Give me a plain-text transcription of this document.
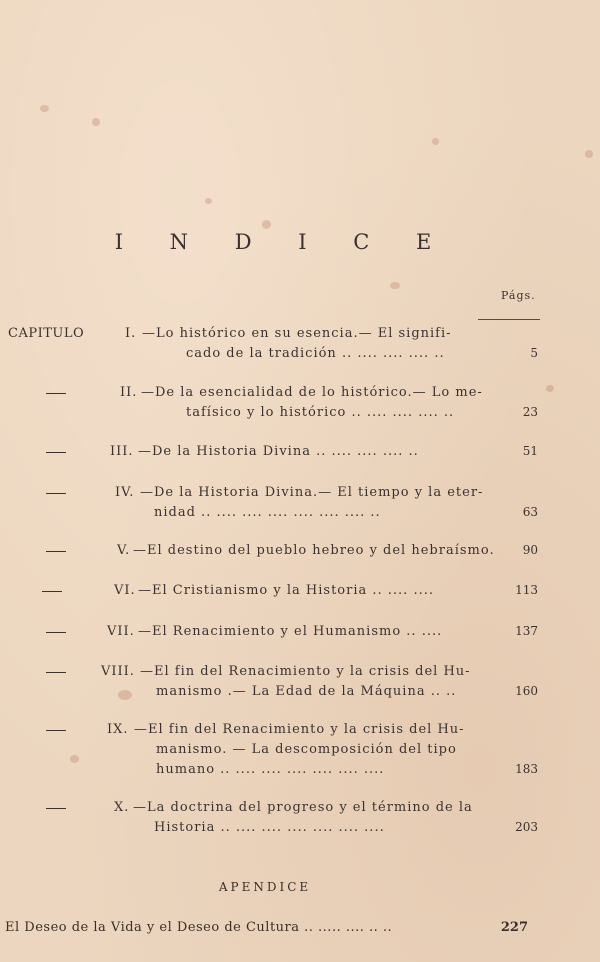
I N D I C E
Págs.
CAPITULO	I. —Lo histórico en su esencia.— El signifi-
cado de la tradición .. .... .... .... ..	5
II. —De la esencialidad de lo histórico.— Lo me-
tafísico y lo histórico .. .... .... .... ..	23
III. —De la Historia Divina .. .... .... .... ..	51
IV. —De la Historia Divina.— El tiempo y la eter-
nidad .. .... .... .... .... .... .... ..	63
V. —El destino del pueblo hebreo y del hebraísmo. 90
VI. —El Cristianismo y la Historia .. .... ....	113
VII. —El Renacimiento y el Humanismo .. ....	137
VIII. —El fin del Renacimiento y la crisis del Hu-
manismo .— La Edad de la Máquina .. ..	160
IX. —El fin del Renacimiento y la crisis del Hu-
manismo. — La descomposición del tipo
humano .. .... .... .... .... .... ....	183
X. —La doctrina del progreso y el término de la
Historia .. .... .... .... .... .... ....	203
APENDICE
El Deseo de la Vida y el Deseo de Cultura .. ..... .... .. ..	227
